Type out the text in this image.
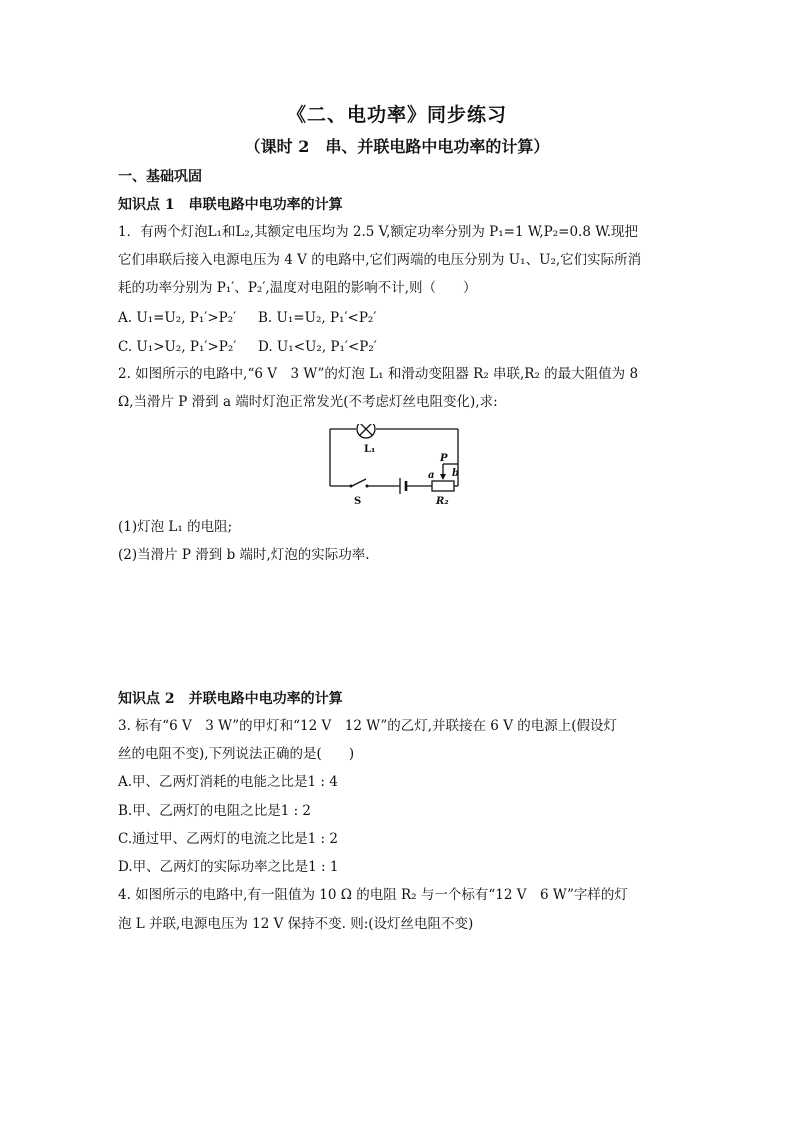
《二、电功率》同步练习
（课时 2　串、并联电路中电功率的计算）
一、基础巩固
知识点 1　串联电路中电功率的计算
1．有两个灯泡L₁和L₂,其额定电压均为 2.5 V,额定功率分别为 P₁=1 W,P₂=0.8 W.现把
它们串联后接入电源电压为 4 V 的电路中,它们两端的电压分别为 U₁、U₂,它们实际所消
耗的功率分别为 P₁′、P₂′,温度对电阻的影响不计,则（　　）
A. U₁=U₂, P₁′>P₂′ B. U₁=U₂, P₁′<P₂′
C. U₁>U₂, P₁′>P₂′ D. U₁<U₂, P₁′<P₂′
2. 如图所示的电路中,“6 V　3 W”的灯泡 L₁ 和滑动变阻器 R₂ 串联,R₂ 的最大阻值为 8
Ω,当滑片 P 滑到 a 端时灯泡正常发光(不考虑灯丝电阻变化),求:
L₁
S
P
a b
R₂
(1)灯泡 L₁ 的电阻;
(2)当滑片 P 滑到 b 端时,灯泡的实际功率.
知识点 2　并联电路中电功率的计算
3. 标有“6 V　3 W”的甲灯和“12 V　12 W”的乙灯,并联接在 6 V 的电源上(假设灯
丝的电阻不变),下列说法正确的是(　　)
A.甲、乙两灯消耗的电能之比是1 : 4
B.甲、乙两灯的电阻之比是1 : 2
C.通过甲、乙两灯的电流之比是1 : 2
D.甲、乙两灯的实际功率之比是1 : 1
4. 如图所示的电路中,有一阻值为 10 Ω 的电阻 R₂ 与一个标有“12 V　6 W”字样的灯
泡 L 并联,电源电压为 12 V 保持不变. 则:(设灯丝电阻不变)
